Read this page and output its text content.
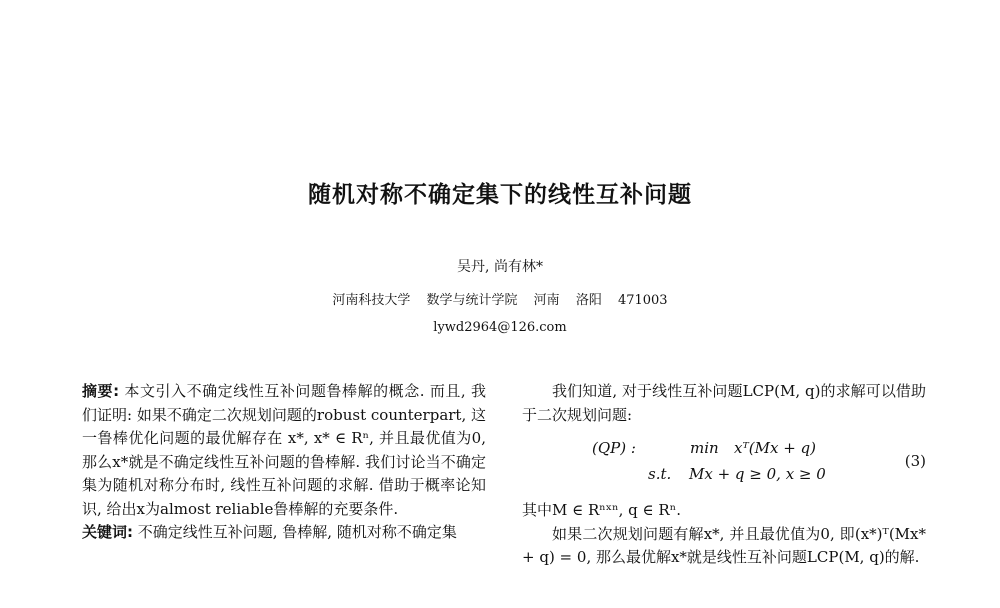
随机对称不确定集下的线性互补问题
吴丹, 尚有林*
河南科技大学 数学与统计学院 河南 洛阳 471003
lywd2964@126.com

摘要: 本文引入不确定线性互补问题鲁棒解的概念. 而且, 我们证明: 如果不确定二次规划问题的robust counterpart, 这一鲁棒优化问题的最优解存在 x*, x* ∈ Rⁿ, 并且最优值为0, 那么x*就是不确定线性互补问题的鲁棒解. 我们讨论当不确定集为随机对称分布时, 线性互补问题的求解. 借助于概率论知识, 给出x为almost reliable鲁棒解的充要条件.

关键词: 不确定线性互补问题, 鲁棒解, 随机对称不确定集

我们知道, 对于线性互补问题LCP(M, q)的求解可以借助于二次规划问题:

(QP) :	min xᵀ(Mx + q)
s.t. Mx + q ≥ 0, x ≥ 0
(3)

其中M ∈ Rⁿˣⁿ, q ∈ Rⁿ.

如果二次规划问题有解x*, 并且最优值为0, 即(x*)ᵀ(Mx* + q) = 0, 那么最优解x*就是线性互补问题LCP(M, q)的解.
